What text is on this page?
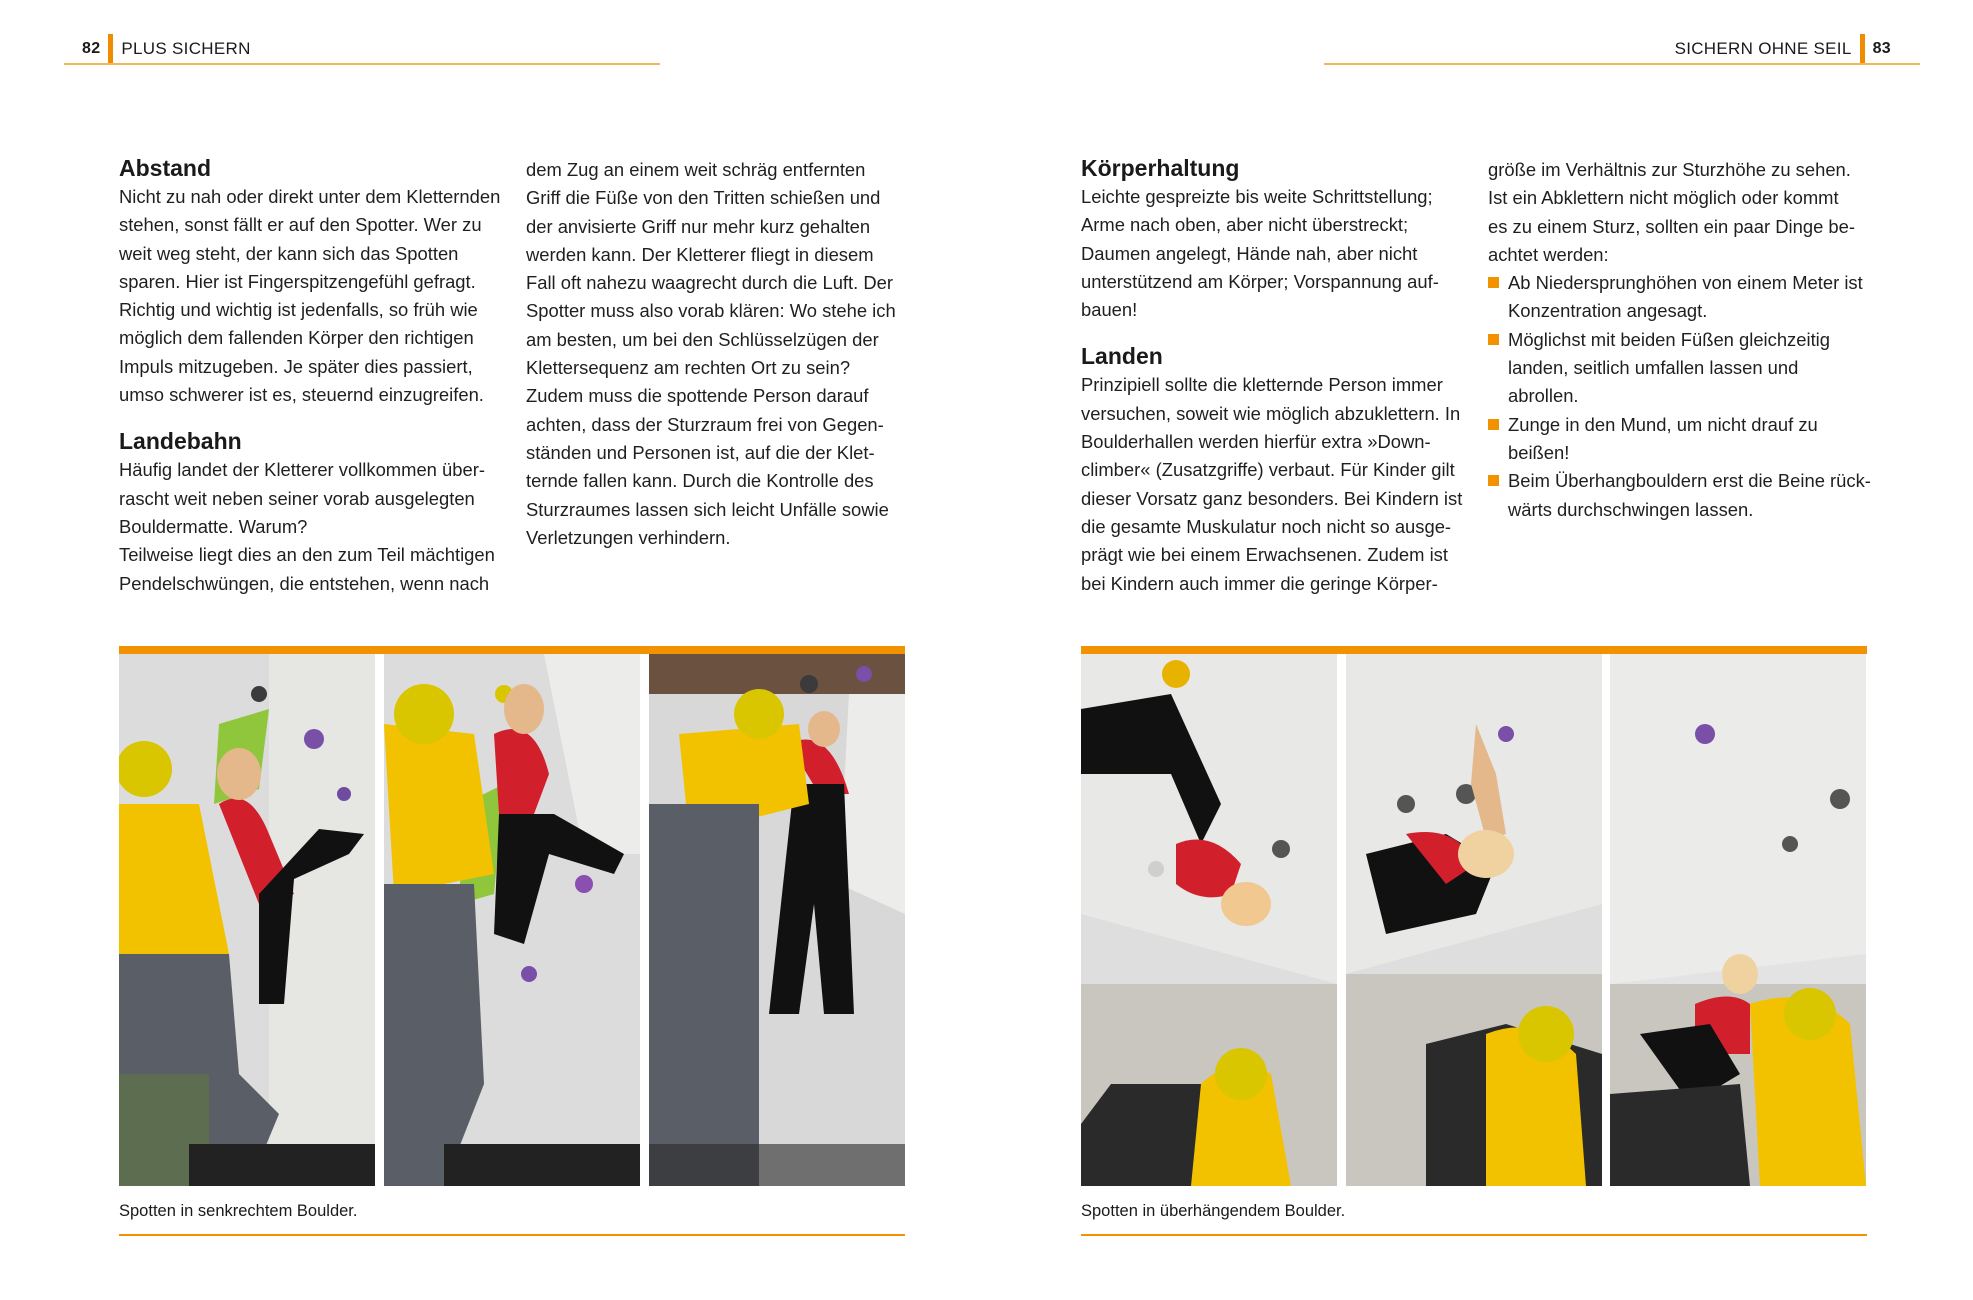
82 PLUS SICHERN	SICHERN OHNE SEIL 83
Abstand

Nicht zu nah oder direkt unter dem Kletternden
stehen, sonst fällt er auf den Spotter. Wer zu
weit weg steht, der kann sich das Spotten
sparen. Hier ist Fingerspitzengefühl gefragt.
Richtig und wichtig ist jedenfalls, so früh wie
möglich dem fallenden Körper den richtigen
Impuls mitzugeben. Je später dies passiert,
umso schwerer ist es, steuernd einzugreifen.

Landebahn

Häufig landet der Kletterer vollkommen über-
rascht weit neben seiner vorab ausgelegten
Bouldermatte. Warum?
Teilweise liegt dies an den zum Teil mächtigen
Pendelschwüngen, die entstehen, wenn nach

dem Zug an einem weit schräg entfernten
Griff die Füße von den Tritten schießen und
der anvisierte Griff nur mehr kurz gehalten
werden kann. Der Kletterer fliegt in diesem
Fall oft nahezu waagrecht durch die Luft. Der
Spotter muss also vorab klären: Wo stehe ich
am besten, um bei den Schlüsselzügen der
Klettersequenz am rechten Ort zu sein?
Zudem muss die spottende Person darauf
achten, dass der Sturzraum frei von Gegen-
ständen und Personen ist, auf die der Klet-
ternde fallen kann. Durch die Kontrolle des
Sturzraumes lassen sich leicht Unfälle sowie
Verletzungen verhindern.

Körperhaltung

Leichte gespreizte bis weite Schrittstellung;
Arme nach oben, aber nicht überstreckt;
Daumen angelegt, Hände nah, aber nicht
unterstützend am Körper; Vorspannung auf-
bauen!

Landen

Prinzipiell sollte die kletternde Person immer
versuchen, soweit wie möglich abzuklettern. In
Boulderhallen werden hierfür extra »Down-
climber« (Zusatzgriffe) verbaut. Für Kinder gilt
dieser Vorsatz ganz besonders. Bei Kindern ist
die gesamte Muskulatur noch nicht so ausge-
prägt wie bei einem Erwachsenen. Zudem ist
bei Kindern auch immer die geringe Körper-

größe im Verhältnis zur Sturzhöhe zu sehen.
Ist ein Abklettern nicht möglich oder kommt
es zu einem Sturz, sollten ein paar Dinge be-
achtet werden:

Ab Niedersprunghöhen von einem Meter ist
Konzentration angesagt.
Möglichst mit beiden Füßen gleichzeitig
landen, seitlich umfallen lassen und
abrollen.
Zunge in den Mund, um nicht drauf zu
beißen!
Beim Überhangbouldern erst die Beine rück-
wärts durchschwingen lassen.
Spotten in senkrechtem Boulder.	Spotten in überhängendem Boulder.
